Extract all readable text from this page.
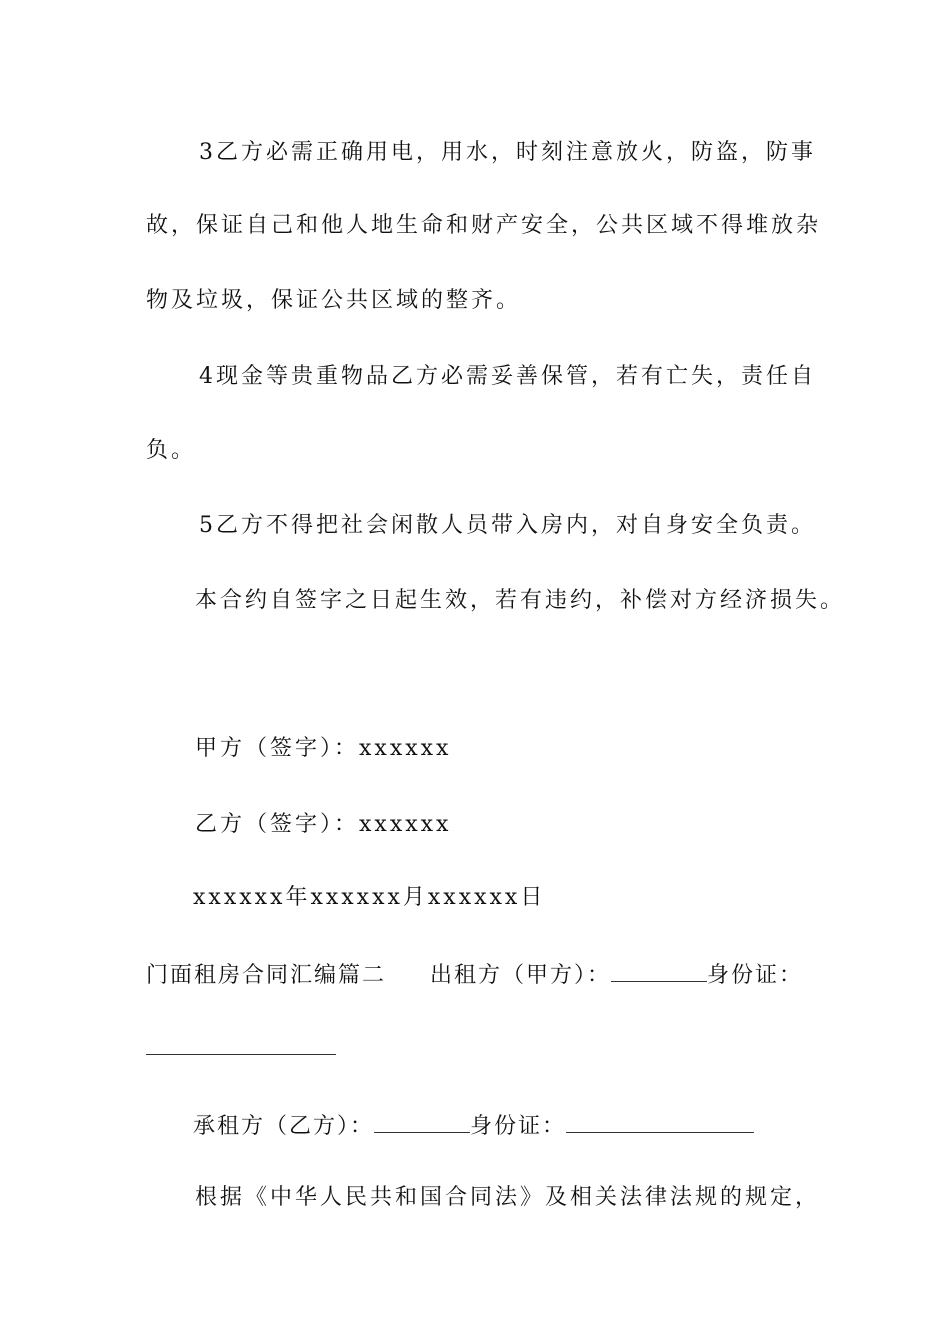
3乙方必需正确用电，用水，时刻注意放火，防盗，防事
故，保证自己和他人地生命和财产安全，公共区域不得堆放杂
物及垃圾，保证公共区域的整齐。
4现金等贵重物品乙方必需妥善保管，若有亡失，责任自
负。
5乙方不得把社会闲散人员带入房内，对自身安全负责。
本合约自签字之日起生效，若有违约，补偿对方经济损失。
甲方（签字）：xxxxxx
乙方（签字）：xxxxxx
xxxxxx年xxxxxx月xxxxxx日
门面租房合同汇编篇二 出租方（甲方）：	身份证：
承租方（乙方）：	身份证：
根据《中华人民共和国合同法》及相关法律法规的规定，
